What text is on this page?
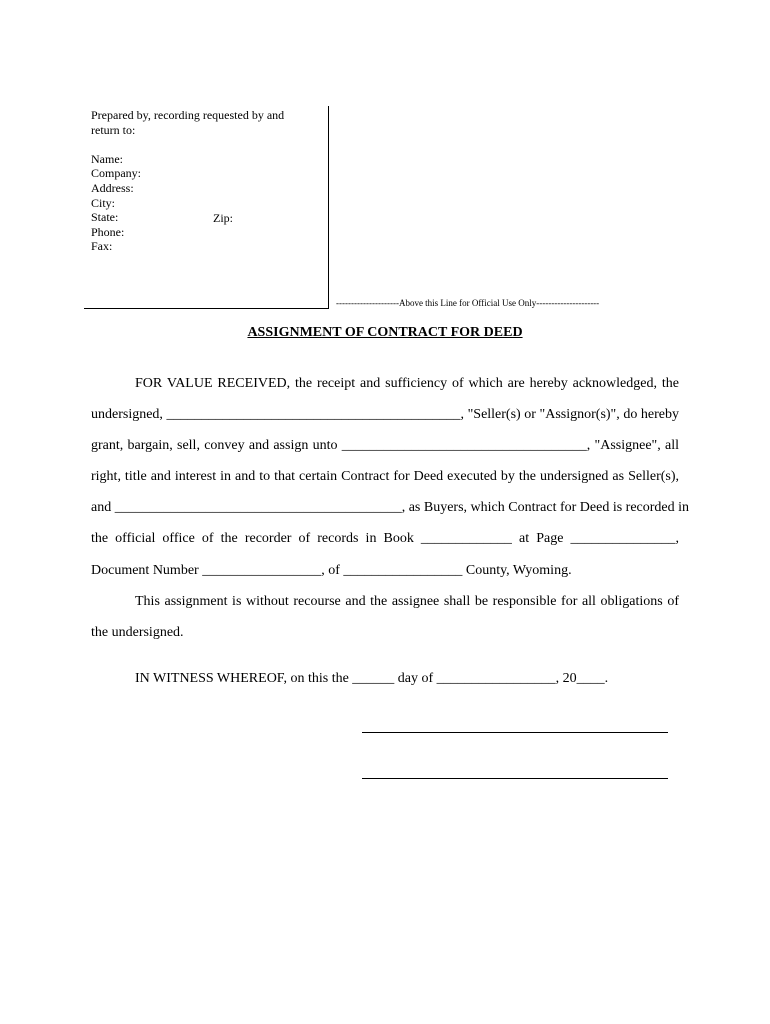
Prepared by, recording requested by and
return to:
Name:
Company:
Address:
City:
State:
Phone:
Fax:
Zip:
---------------------Above this Line for Official Use Only---------------------
ASSIGNMENT OF CONTRACT FOR DEED
FOR VALUE RECEIVED, the receipt and sufficiency of which are hereby acknowledged, the
undersigned, __________________________________________, "Seller(s) or "Assignor(s)", do hereby
grant, bargain, sell, convey and assign unto ___________________________________, "Assignee", all
right, title and interest in and to that certain Contract for Deed executed by the undersigned as Seller(s),
and _________________________________________, as Buyers, which Contract for Deed is recorded in
the official office of the recorder of records in Book _____________ at Page _______________,
Document Number _________________, of _________________ County, Wyoming.
This assignment is without recourse and the assignee shall be responsible for all obligations of
the undersigned.
IN WITNESS WHEREOF, on this the ______ day of _________________, 20____.
